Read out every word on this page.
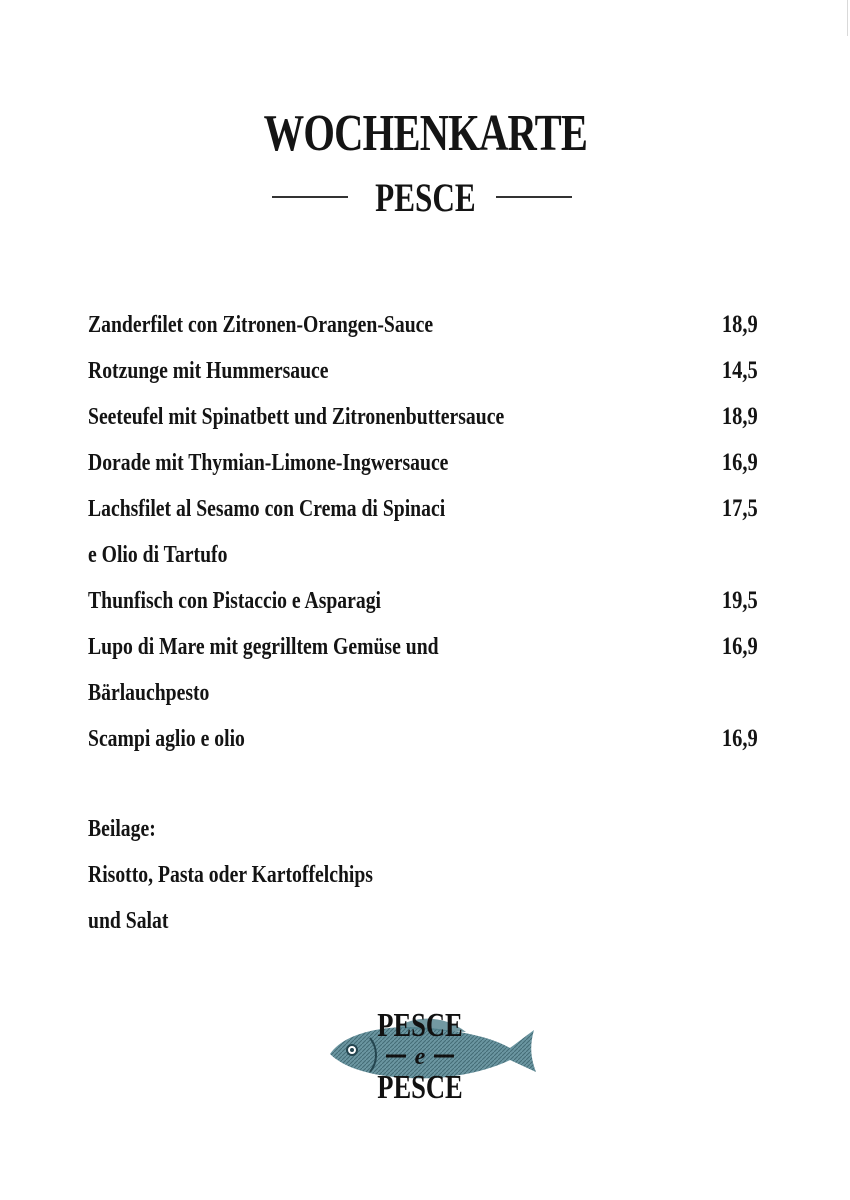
WOCHENKARTE
PESCE
Zanderfilet con Zitronen-Orangen-Sauce	18,9
Rotzunge mit Hummersauce	14,5
Seeteufel mit Spinatbett und Zitronenbuttersauce	18,9
Dorade mit Thymian-Limone-Ingwersauce	16,9
Lachsfilet al Sesamo con Crema di Spinaci	17,5
e Olio di Tartufo
Thunfisch con Pistaccio e Asparagi	19,5
Lupo di Mare mit gegrilltem Gemüse und	16,9
Bärlauchpesto
Scampi aglio e olio	16,9
Beilage:
Risotto, Pasta oder Kartoffelchips
und Salat
PESCE
e
PESCE
